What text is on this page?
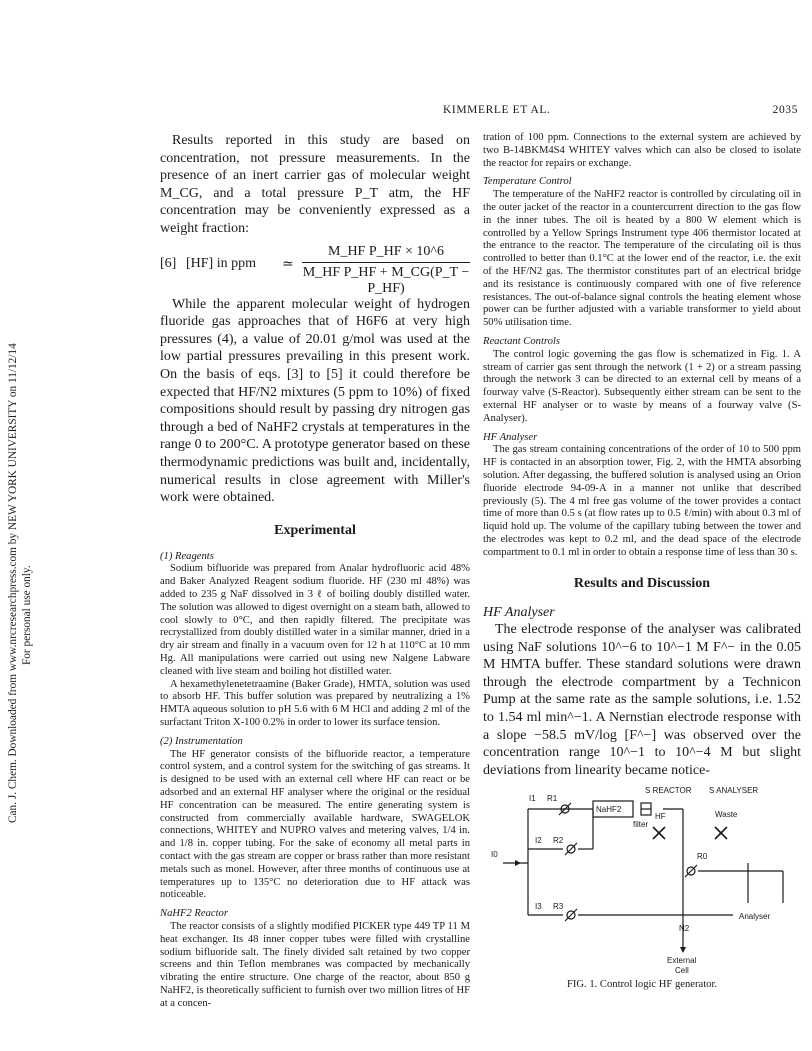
Can. J. Chem. Downloaded from www.nrcresearchpress.com by NEW YORK UNIVERSITY on 11/12/14 For personal use only.
KIMMERLE ET AL.	2035

Results reported in this study are based on concentration, not pressure measurements. In the presence of an inert carrier gas of molecular weight M_CG, and a total pressure P_T atm, the HF concentration may be conveniently expressed as a weight fraction:

[6] [HF] in ppm ≃ $\frac{\text{M\_HF P\_HF × 10\textasciicircum{}6}}{\text{M\_HF P\_HF + M\_CG(P\_T − P\_HF)}}$

While the apparent molecular weight of hydrogen fluoride gas approaches that of H6F6 at very high pressures (4), a value of 20.01 g/mol was used at the low partial pressures prevailing in this present work. On the basis of eqs. [3] to [5] it could therefore be expected that HF/N2 mixtures (5 ppm to 10%) of fixed compositions should result by passing dry nitrogen gas through a bed of NaHF2 crystals at temperatures in the range 0 to 200°C. A prototype generator based on these thermodynamic predictions was built and, incidentally, numerical results in close agreement with Miller's work were obtained.

Experimental

(1) Reagents

Sodium bifluoride was prepared from Analar hydrofluoric acid 48% and Baker Analyzed Reagent sodium fluoride. HF (230 ml 48%) was added to 235 g NaF dissolved in 3 ℓ of boiling doubly distilled water. The solution was allowed to digest overnight on a steam bath, allowed to cool slowly to 0°C, and then rapidly filtered. The precipitate was recrystallized from doubly distilled water in a similar manner, dried in a dry air stream and finally in a vacuum oven for 12 h at 110°C at 10 mm Hg. All manipulations were carried out using new Nalgene Labware cleaned with live steam and boiling hot distilled water.

A hexamethylenetetraamine (Baker Grade), HMTA, solution was used to absorb HF. This buffer solution was prepared by neutralizing a 1% HMTA aqueous solution to pH 5.6 with 6 M HCl and adding 2 ml of the surfactant Triton X-100 0.2% in order to lower its surface tension.

(2) Instrumentation

The HF generator consists of the bifluoride reactor, a temperature control system, and a control system for the switching of gas streams. It is designed to be used with an external cell where HF can react or be adsorbed and an external HF analyser where the original or the residual HF concentration can be measured. The entire generating system is constructed from commercially available hardware, SWAGELOK connections, WHITEY and NUPRO valves and metering valves, 1/4 in. and 1/8 in. copper tubing. For the sake of economy all metal parts in contact with the gas stream are copper or brass rather than more resistant metals such as monel. However, after three months of continuous use at temperatures up to 135°C no deterioration due to HF attack was noticeable.

NaHF2 Reactor

The reactor consists of a slightly modified PICKER type 449 TP 11 M heat exchanger. Its 48 inner copper tubes were filled with crystalline sodium bifluoride salt. The finely divided salt retained by two copper screens and thin Teflon membranes was compacted by mechanically vibrating the entire structure. One charge of the reactor, about 850 g NaHF2, is theoretically sufficient to furnish over two million litres of HF at a concen-

tration of 100 ppm. Connections to the external system are achieved by two B-14BKM4S4 WHITEY valves which can also be closed to isolate the reactor for repairs or exchange.

Temperature Control

The temperature of the NaHF2 reactor is controlled by circulating oil in the outer jacket of the reactor in a countercurrent direction to the gas flow in the inner tubes. The oil is heated by a 800 W element which is controlled by a Yellow Springs Instrument type 406 thermistor located at the entrance to the reactor. The temperature of the circulating oil is thus controlled to better than 0.1°C at the lower end of the reactor, i.e. the exit of the HF/N2 gas. The thermistor constitutes part of an electrical bridge and its resistance is continuously compared with one of five reference resistances. The out-of-balance signal controls the heating element whose power can be further adjusted with a variable transformer to yield about 50% utilisation time.

Reactant Controls

The control logic governing the gas flow is schematized in Fig. 1. A stream of carrier gas sent through the network (1 + 2) or a stream passing through the network 3 can be directed to an external cell by means of a fourway valve (S-Reactor). Subsequently either stream can be sent to the external HF analyser or to waste by means of a fourway valve (S-Analyser).

HF Analyser

The gas stream containing concentrations of the order of 10 to 500 ppm HF is contacted in an absorption tower, Fig. 2, with the HMTA absorbing solution. After degassing, the buffered solution is analysed using an Orion fluoride electrode 94-09-A in a manner not unlike that described previously (5). The 4 ml free gas volume of the tower provides a contact time of more than 0.5 s (at flow rates up to 0.5 ℓ/min) with about 0.3 ml of liquid hold up. The volume of the capillary tubing between the tower and the electrodes was kept to 0.2 ml, and the dead space of the electrode compartment to 0.1 ml in order to obtain a response time of less than 30 s.

Results and Discussion

HF Analyser

The electrode response of the analyser was calibrated using NaF solutions 10^−6 to 10^−1 M F^− in the 0.05 M HMTA buffer. These standard solutions were drawn through the electrode compartment by a Technicon Pump at the same rate as the sample solutions, i.e. 1.52 to 1.54 ml min^−1. A Nernstian electrode response with a slope −58.5 mV/log [F^−] was observed over the concentration range 10^−1 to 10^−4 M but slight deviations from linearity became notice-

S REACTOR S ANALYSER
HF	Waste
NaHF2
filter
I1 R1
I2 R2
I3 R3
I0	R0
N2
Analyser
External
Cell
FIG. 1. Control logic HF generator.
